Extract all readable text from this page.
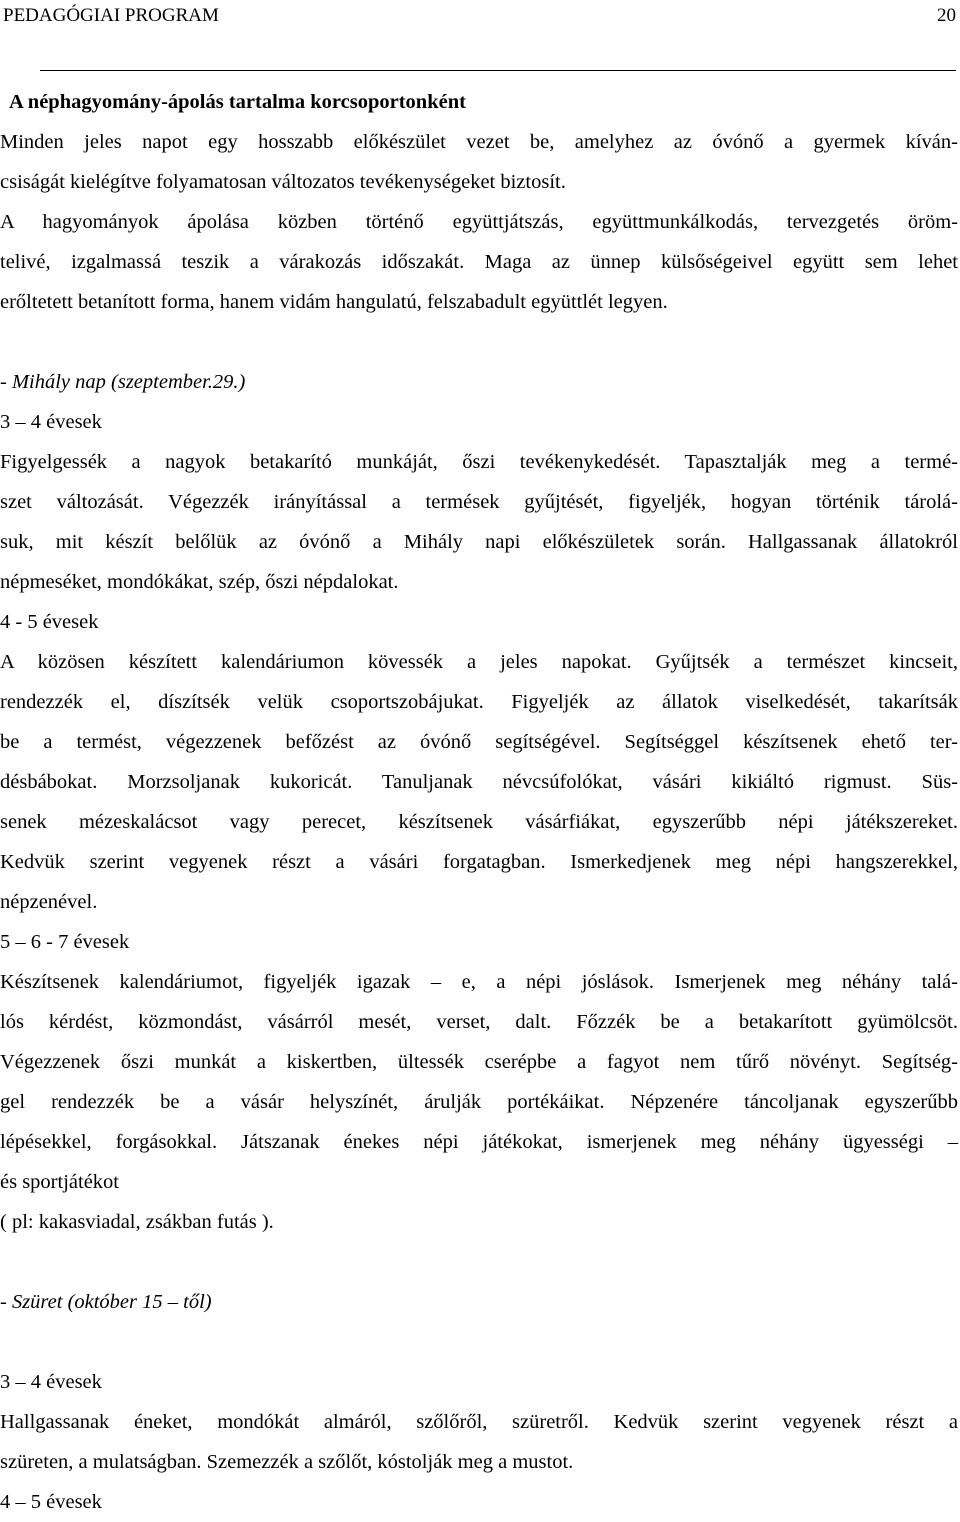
PEDAGÓGIAI PROGRAM	20

A néphagyomány-ápolás tartalma korcsoportonként

Minden jeles napot egy hosszabb előkészület vezet be, amelyhez az óvónő a gyermek kíván-

csiságát kielégítve folyamatosan változatos tevékenységeket biztosít.

A hagyományok ápolása közben történő együttjátszás, együttmunkálkodás, tervezgetés öröm-

telivé, izgalmassá teszik a várakozás időszakát. Maga az ünnep külsőségeivel együtt sem lehet

erőltetett betanított forma, hanem vidám hangulatú, felszabadult együttlét legyen.

- Mihály nap (szeptember.29.)

3 – 4 évesek

Figyelgessék a nagyok betakarító munkáját, őszi tevékenykedését. Tapasztalják meg a termé-

szet változását. Végezzék irányítással a termések gyűjtését, figyeljék, hogyan történik tárolá-

suk, mit készít belőlük az óvónő a Mihály napi előkészületek során. Hallgassanak állatokról

népmeséket, mondókákat, szép, őszi népdalokat.

4 - 5 évesek

A közösen készített kalendáriumon kövessék a jeles napokat. Gyűjtsék a természet kincseit,

rendezzék el, díszítsék velük csoportszobájukat. Figyeljék az állatok viselkedését, takarítsák

be a termést, végezzenek befőzést az óvónő segítségével. Segítséggel készítsenek ehető ter-

désbábokat. Morzsoljanak kukoricát. Tanuljanak névcsúfolókat, vásári kikiáltó rigmust. Süs-

senek mézeskalácsot vagy perecet, készítsenek vásárfiákat, egyszerűbb népi játékszereket.

Kedvük szerint vegyenek részt a vásári forgatagban. Ismerkedjenek meg népi hangszerekkel,

népzenével.

5 – 6 - 7 évesek

Készítsenek kalendáriumot, figyeljék igazak – e, a népi jóslások. Ismerjenek meg néhány talá-

lós kérdést, közmondást, vásárról mesét, verset, dalt. Főzzék be a betakarított gyümölcsöt.

Végezzenek őszi munkát a kiskertben, ültessék cserépbe a fagyot nem tűrő növényt. Segítség-

gel rendezzék be a vásár helyszínét, árulják portékáikat. Népzenére táncoljanak egyszerűbb

lépésekkel, forgásokkal. Játszanak énekes népi játékokat, ismerjenek meg néhány ügyességi –

és sportjátékot

( pl: kakasviadal, zsákban futás ).

- Szüret (október 15 – től)

3 – 4 évesek

Hallgassanak éneket, mondókát almáról, szőlőről, szüretről. Kedvük szerint vegyenek részt a

szüreten, a mulatságban. Szemezzék a szőlőt, kóstolják meg a mustot.

4 – 5 évesek
